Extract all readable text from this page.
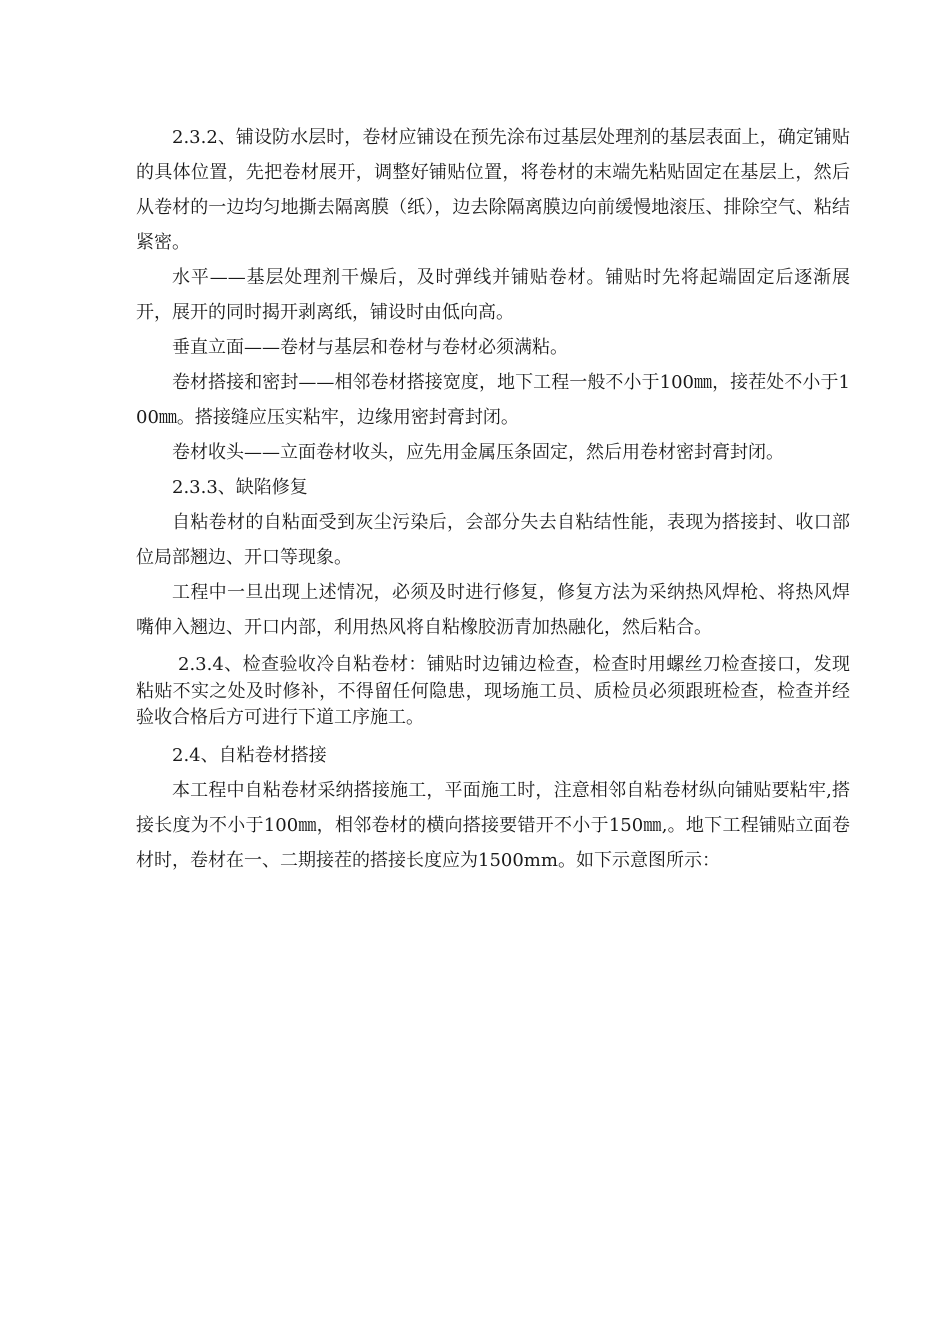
2.3.2、铺设防水层时，卷材应铺设在预先涂布过基层处理剂的基层表面上，确定铺贴的具体位置，先把卷材展开，调整好铺贴位置，将卷材的末端先粘贴固定在基层上，然后从卷材的一边均匀地撕去隔离膜（纸），边去除隔离膜边向前缓慢地滚压、排除空气、粘结紧密。

水平——基层处理剂干燥后，及时弹线并铺贴卷材。铺贴时先将起端固定后逐渐展开，展开的同时揭开剥离纸，铺设时由低向高。

垂直立面——卷材与基层和卷材与卷材必须满粘。

卷材搭接和密封——相邻卷材搭接宽度，地下工程一般不小于100㎜，接茬处不小于100㎜。搭接缝应压实粘牢，边缘用密封膏封闭。

卷材收头——立面卷材收头，应先用金属压条固定，然后用卷材密封膏封闭。

2.3.3、缺陷修复

自粘卷材的自粘面受到灰尘污染后，会部分失去自粘结性能，表现为搭接封、收口部位局部翘边、开口等现象。

工程中一旦出现上述情况，必须及时进行修复，修复方法为采纳热风焊枪、将热风焊嘴伸入翘边、开口内部，利用热风将自粘橡胶沥青加热融化，然后粘合。

2.3.4、检查验收冷自粘卷材：铺贴时边铺边检查，检查时用螺丝刀检查接口，发现粘贴不实之处及时修补，不得留任何隐患，现场施工员、质检员必须跟班检查，检查并经验收合格后方可进行下道工序施工。

2.4、自粘卷材搭接

本工程中自粘卷材采纳搭接施工，平面施工时，注意相邻自粘卷材纵向铺贴要粘牢,搭接长度为不小于100㎜，相邻卷材的横向搭接要错开不小于150㎜,。地下工程铺贴立面卷材时，卷材在一、二期接茬的搭接长度应为1500mm。如下示意图所示：
